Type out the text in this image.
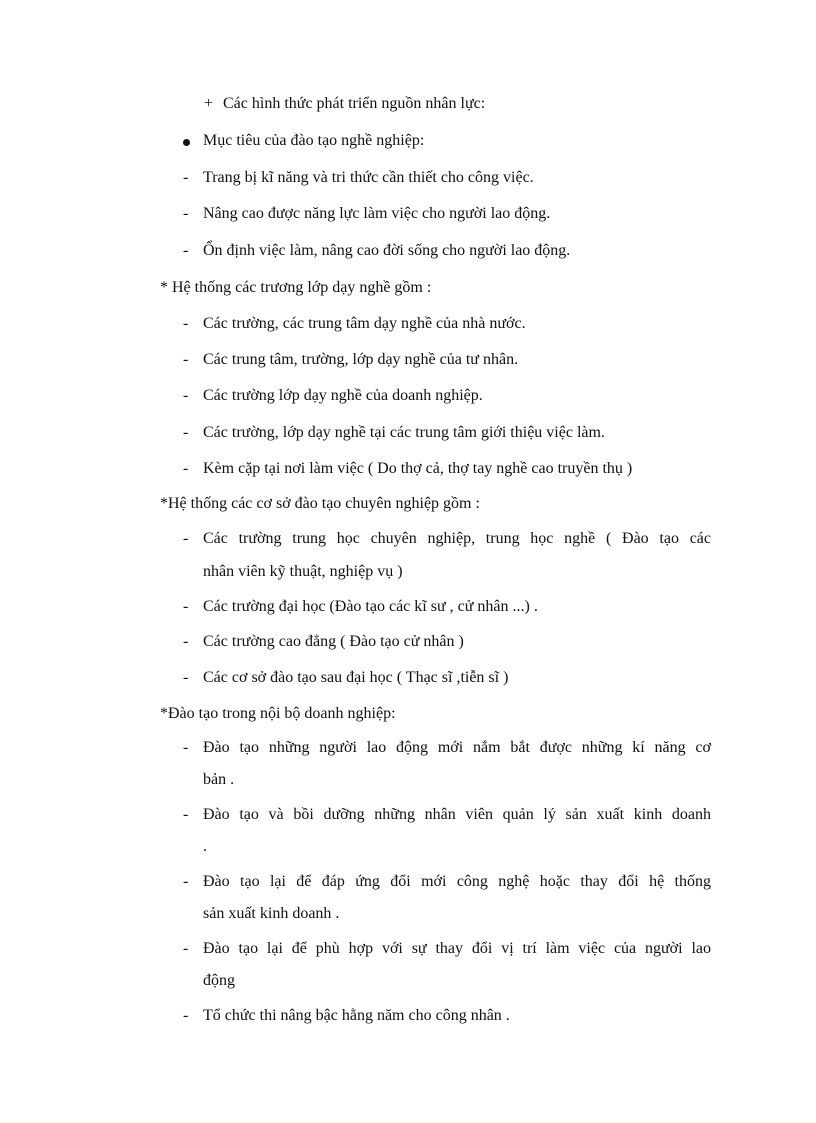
+ Các hình thức phát triển nguồn nhân lực:
Mục tiêu của đào tạo nghề nghiệp:
- Trang bị kĩ năng và tri thức cần thiết cho công việc.
- Nâng cao được năng lực làm việc cho người lao động.
- Ổn định việc làm, nâng cao đời sống cho người lao động.
* Hệ thống các trương lớp dạy nghề gồm :
- Các trường, các trung tâm dạy nghề của nhà nước.
- Các trung tâm, trường, lớp dạy nghề của tư nhân.
- Các trường lớp dạy nghề của doanh nghiệp.
- Các trường, lớp dạy nghề tại các trung tâm giới thiệu việc làm.
- Kèm cặp tại nơi làm việc ( Do thợ cả, thợ tay nghề cao truyền thụ )
*Hệ thống các cơ sở đào tạo chuyên nghiệp gồm :
- Các trường trung học chuyên nghiệp, trung học nghề ( Đào tạo các
nhân viên kỹ thuật, nghiệp vụ )
- Các trường đại học (Đào tạo các kĩ sư , cử nhân ...) .
- Các trường cao đẳng ( Đào tạo cử nhân )
- Các cơ sở đào tạo sau đại học ( Thạc sĩ ,tiễn sĩ )
*Đào tạo trong nội bộ doanh nghiệp:
- Đào tạo những người lao động mới nắm bắt được những kí năng cơ
bản .
- Đào tạo và bồi dưỡng những nhân viên quản lý sản xuất kinh doanh
.
- Đào tạo lại để đáp ứng đổi mới công nghệ hoặc thay đổi hệ thống
sản xuất kinh doanh .
- Đào tạo lại để phù hợp với sự thay đổi vị trí làm việc của người lao
động
- Tổ chức thi nâng bậc hằng năm cho công nhân .
